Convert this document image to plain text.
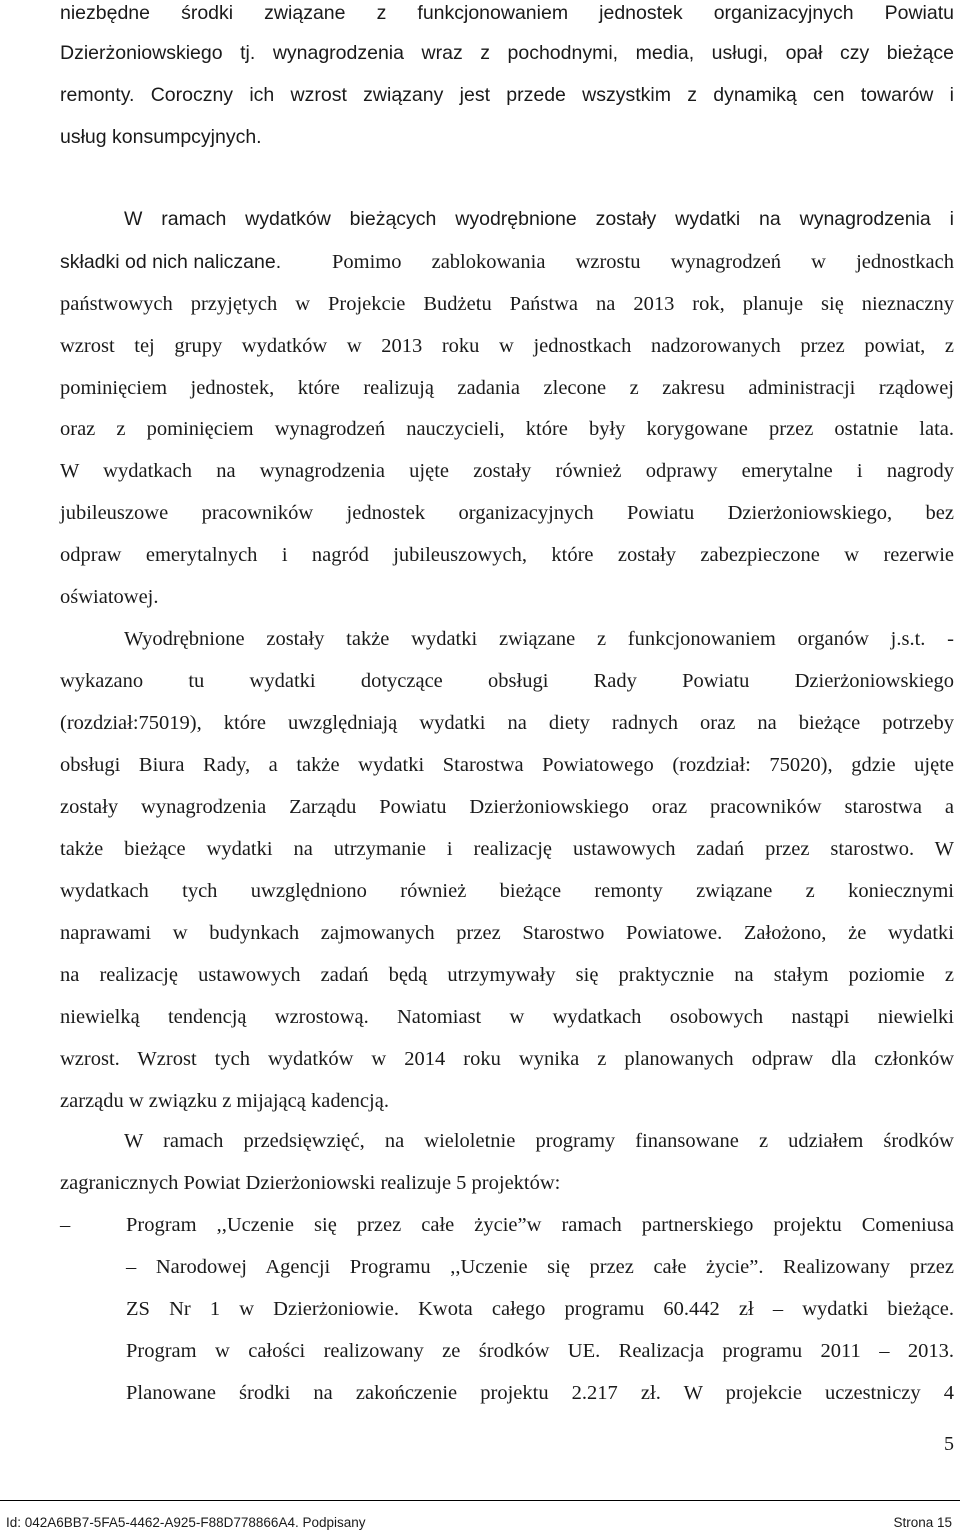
niezbędne środki związane z funkcjonowaniem jednostek organizacyjnych Powiatu
Dzierżoniowskiego tj. wynagrodzenia wraz z pochodnymi, media, usługi, opał czy bieżące
remonty. Coroczny ich wzrost związany jest przede wszystkim z dynamiką cen towarów i
usług konsumpcyjnych.
W ramach wydatków bieżących wyodrębnione zostały wydatki na wynagrodzenia i
składki od nich naliczane.	Pomimo zablokowania wzrostu wynagrodzeń w jednostkach
państwowych przyjętych w Projekcie Budżetu Państwa na 2013 rok, planuje się nieznaczny
wzrost tej grupy wydatków w 2013 roku w jednostkach nadzorowanych przez powiat, z
pominięciem jednostek, które realizują zadania zlecone z zakresu administracji rządowej
oraz z pominięciem wynagrodzeń nauczycieli, które były korygowane przez ostatnie lata.
W wydatkach na wynagrodzenia ujęte zostały również odprawy emerytalne i nagrody
jubileuszowe pracowników jednostek organizacyjnych Powiatu Dzierżoniowskiego, bez
odpraw emerytalnych i nagród jubileuszowych, które zostały zabezpieczone w rezerwie
oświatowej.
Wyodrębnione zostały także wydatki związane z funkcjonowaniem organów j.s.t. -
wykazano tu wydatki dotyczące obsługi Rady Powiatu Dzierżoniowskiego
(rozdział:75019), które uwzględniają wydatki na diety radnych oraz na bieżące potrzeby
obsługi Biura Rady, a także wydatki Starostwa Powiatowego (rozdział: 75020), gdzie ujęte
zostały wynagrodzenia Zarządu Powiatu Dzierżoniowskiego oraz pracowników starostwa a
także bieżące wydatki na utrzymanie i realizację ustawowych zadań przez starostwo. W
wydatkach tych uwzględniono również bieżące remonty związane z koniecznymi
naprawami w budynkach zajmowanych przez Starostwo Powiatowe. Założono, że wydatki
na realizację ustawowych zadań będą utrzymywały się praktycznie na stałym poziomie z
niewielką tendencją wzrostową. Natomiast w wydatkach osobowych nastąpi niewielki
wzrost. Wzrost tych wydatków w 2014 roku wynika z planowanych odpraw dla członków
zarządu w związku z mijającą kadencją.
W ramach przedsięwzięć, na wieloletnie programy finansowane z udziałem środków
zagranicznych Powiat Dzierżoniowski realizuje 5 projektów:
–	Program ,,Uczenie się przez całe życie”w ramach partnerskiego projektu Comeniusa
– Narodowej Agencji Programu ,,Uczenie się przez całe życie”. Realizowany przez
ZS Nr 1 w Dzierżoniowie. Kwota całego programu 60.442 zł – wydatki bieżące.
Program w całości realizowany ze środków UE. Realizacja programu 2011 – 2013.
Planowane środki na zakończenie projektu 2.217 zł. W projekcie uczestniczy 4
5
Id: 042A6BB7-5FA5-4462-A925-F88D778866A4. Podpisany	Strona 15
